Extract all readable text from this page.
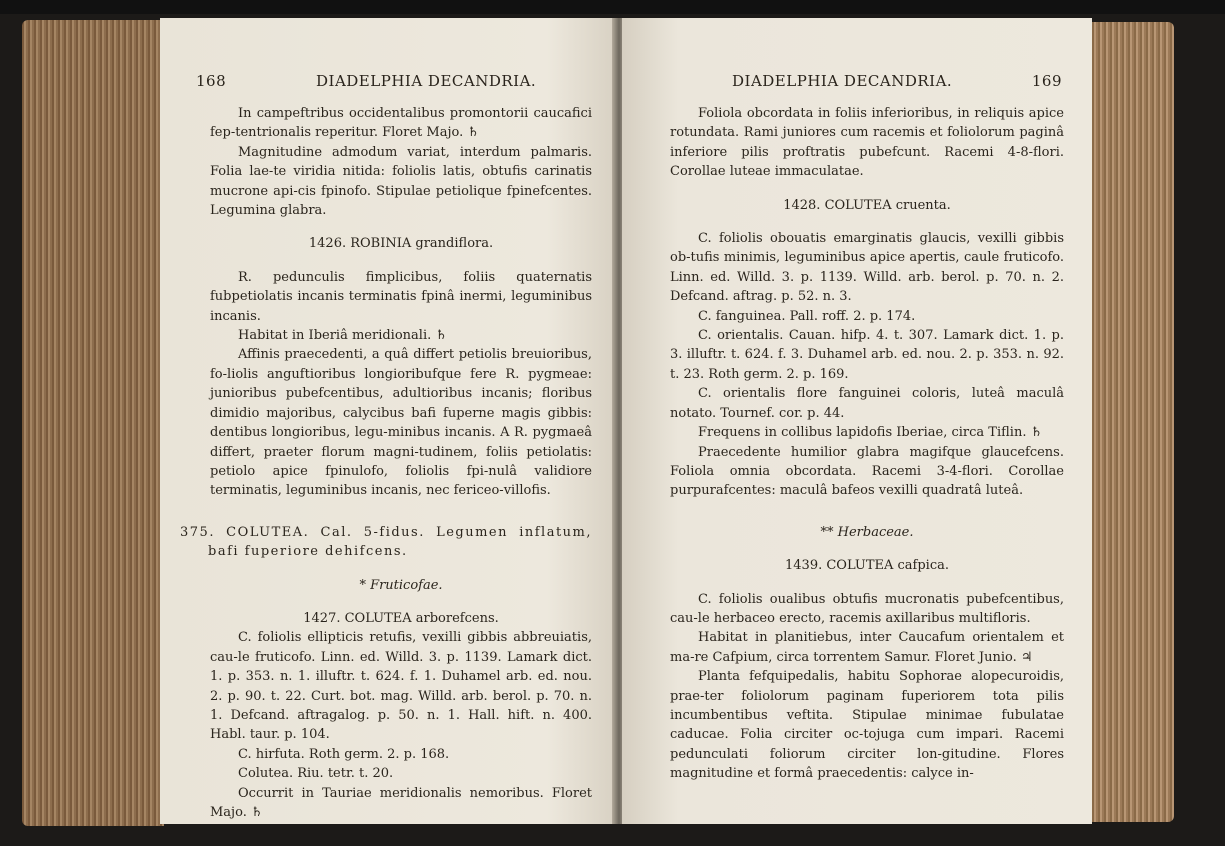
168	DIADELPHIA DECANDRIA.

In campeftribus occidentalibus promontorii caucafici fep-tentrionalis reperitur. Floret Majo. ♄

Magnitudine admodum variat, interdum palmaris. Folia lae-te viridia nitida: foliolis latis, obtufis carinatis mucrone api-cis fpinofo. Stipulae petiolique fpinefcentes. Legumina glabra.

1426. ROBINIA grandiflora.

R. pedunculis fimplicibus, foliis quaternatis fubpetiolatis incanis terminatis fpinâ inermi, leguminibus incanis.

Habitat in Iberiâ meridionali. ♄

Affinis praecedenti, a quâ differt petiolis breuioribus, fo-liolis anguftioribus longioribufque fere R. pygmeae: junioribus pubefcentibus, adultioribus incanis; floribus dimidio majoribus, calycibus bafi fuperne magis gibbis: dentibus longioribus, legu-minibus incanis. A R. pygmaeâ differt, praeter florum magni-tudinem, foliis petiolatis: petiolo apice fpinulofo, foliolis fpi-nulâ validiore terminatis, leguminibus incanis, nec fericeo-villofis.

375. COLUTEA. Cal. 5-fidus. Legumen inflatum, bafi fuperiore dehifcens.

* Fruticofae.

1427. COLUTEA arborefcens.

C. foliolis ellipticis retufis, vexilli gibbis abbreuiatis, cau-le fruticofo. Linn. ed. Willd. 3. p. 1139. Lamark dict. 1. p. 353. n. 1. illuftr. t. 624. f. 1. Duhamel arb. ed. nou. 2. p. 90. t. 22. Curt. bot. mag. Willd. arb. berol. p. 70. n. 1. Defcand. aftragalog. p. 50. n. 1. Hall. hift. n. 400. Habl. taur. p. 104.

C. hirfuta. Roth germ. 2. p. 168.

Colutea. Riu. tetr. t. 20.

Occurrit in Tauriae meridionalis nemoribus. Floret Majo. ♄

DIADELPHIA DECANDRIA.	169

Foliola obcordata in foliis inferioribus, in reliquis apice rotundata. Rami juniores cum racemis et foliolorum paginâ inferiore pilis proftratis pubefcunt. Racemi 4-8-flori. Corollae luteae immaculatae.

1428. COLUTEA cruenta.

C. foliolis obouatis emarginatis glaucis, vexilli gibbis ob-tufis minimis, leguminibus apice apertis, caule fruticofo. Linn. ed. Willd. 3. p. 1139. Willd. arb. berol. p. 70. n. 2. Defcand. aftrag. p. 52. n. 3.

C. fanguinea. Pall. roff. 2. p. 174.

C. orientalis. Cauan. hifp. 4. t. 307. Lamark dict. 1. p. 3. illuftr. t. 624. f. 3. Duhamel arb. ed. nou. 2. p. 353. n. 92. t. 23. Roth germ. 2. p. 169.

C. orientalis flore fanguinei coloris, luteâ maculâ notato. Tournef. cor. p. 44.

Frequens in collibus lapidofis Iberiae, circa Tiflin. ♄

Praecedente humilior glabra magifque glaucefcens. Foliola omnia obcordata. Racemi 3-4-flori. Corollae purpurafcentes: maculâ bafeos vexilli quadratâ luteâ.

** Herbaceae.

1439. COLUTEA cafpica.

C. foliolis oualibus obtufis mucronatis pubefcentibus, cau-le herbaceo erecto, racemis axillaribus multifloris.

Habitat in planitiebus, inter Caucafum orientalem et ma-re Cafpium, circa torrentem Samur. Floret Junio. ♃

Planta fefquipedalis, habitu Sophorae alopecuroidis, prae-ter foliolorum paginam fuperiorem tota pilis incumbentibus veftita. Stipulae minimae fubulatae caducae. Folia circiter oc-tojuga cum impari. Racemi pedunculati foliorum circiter lon-gitudine. Flores magnitudine et formâ praecedentis: calyce in-
